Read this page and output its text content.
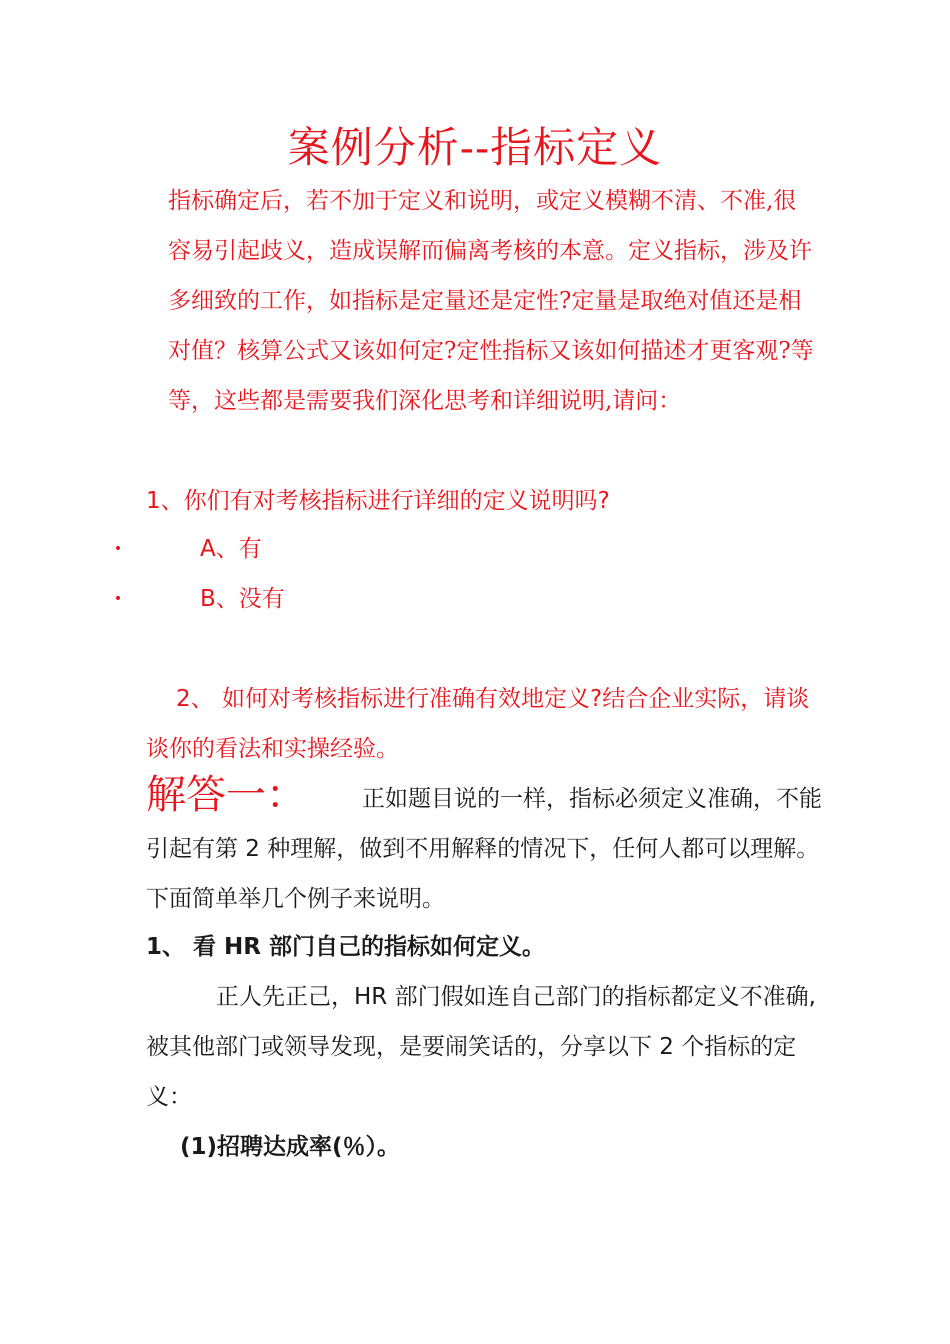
案例分析--指标定义

指标确定后，若不加于定义和说明，或定义模糊不清、不准,很容易引起歧义，造成误解而偏离考核的本意。定义指标，涉及许多细致的工作，如指标是定量还是定性?定量是取绝对值还是相对值？核算公式又该如何定?定性指标又该如何描述才更客观?等等，这些都是需要我们深化思考和详细说明,请问：

1、你们有对考核指标进行详细的定义说明吗?

•	A、有

•	B、没有

2、 如何对考核指标进行准确有效地定义?结合企业实际，请谈谈你的看法和实操经验。

解答一： 正如题目说的一样，指标必须定义准确，不能引起有第 2 种理解，做到不用解释的情况下，任何人都可以理解。下面简单举几个例子来说明。

1、 看 HR 部门自己的指标如何定义。

正人先正己，HR 部门假如连自己部门的指标都定义不准确,被其他部门或领导发现，是要闹笑话的，分享以下 2 个指标的定义：

(1)招聘达成率(％）。
